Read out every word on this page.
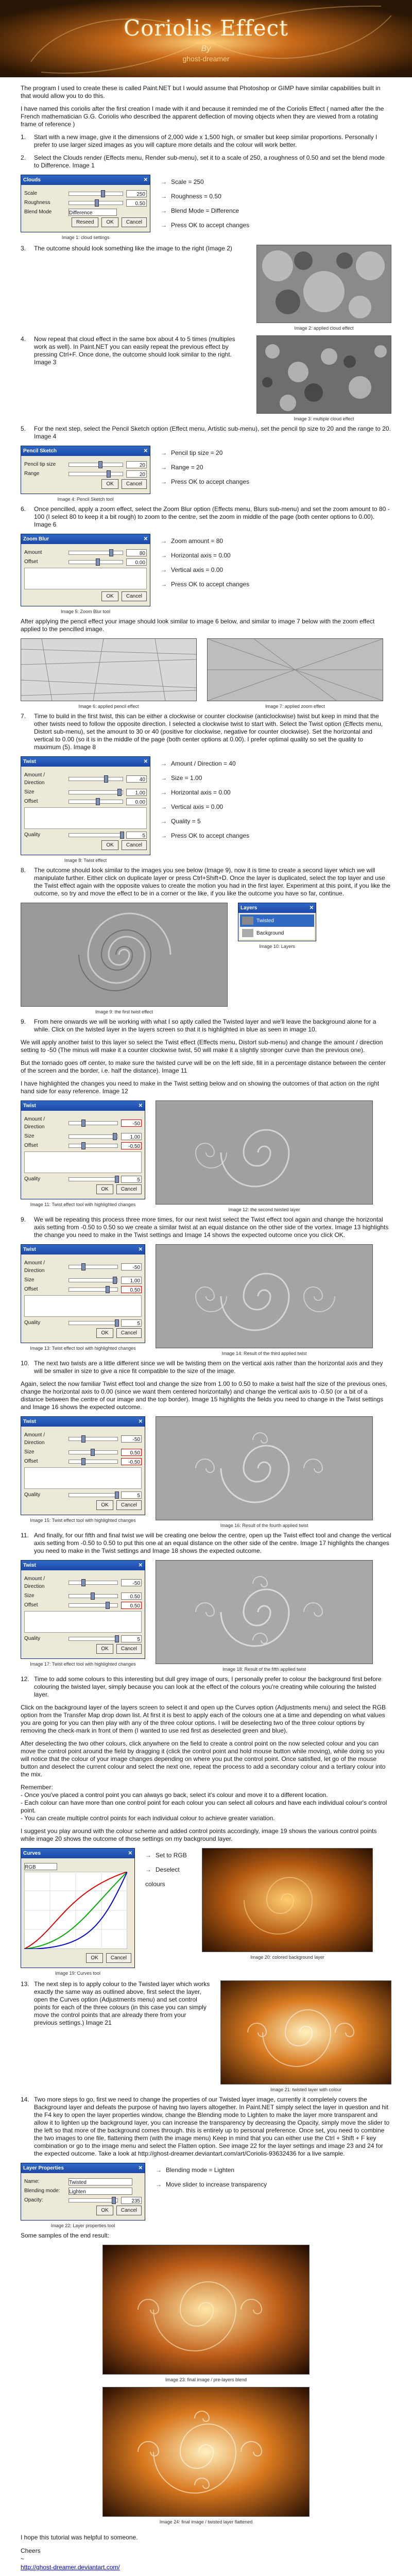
Coriolis Effect
By
ghost-dreamer

The program I used to create these is called Paint.NET but I would assume that Photoshop or GIMP have similar capabilities built in that would allow you to do this.

I have named this coriolis after the first creation I made with it and because it reminded me of the Coriolis Effect ( named after the the French mathematician G.G. Coriolis who described the apparent deflection of moving objects when they are viewed from a rotating frame of reference )

1.	Start with a new image, give it the dimensions of 2,000 wide x 1,500 high, or smaller but keep similar proportions. Personally I prefer to use larger sized images as you will capture more details and the colour will work better.
2.	Select the Clouds render (Effects menu, Render sub-menu), set it to a scale of 250, a roughness of 0.50 and set the blend mode to Difference. Image 1
Clouds	✕
Scale	250
Roughness	0.50
Blend Mode	Difference
Reseed	OK	Cancel
Image 1: cloud settings
→ Scale = 250
→ Roughness = 0.50
→ Blend Mode = Difference
→ Press OK to accept changes
3.	The outcome should look something like the image to the right (Image 2)
Image 2: applied cloud effect
4.	Now repeat that cloud effect in the same box about 4 to 5 times (multiples work as well). In Paint.NET you can easily repeat the previous effect by pressing Ctrl+F. Once done, the outcome should look similar to the right. Image 3
Image 3: multiple cloud effect
5.	For the next step, select the Pencil Sketch option (Effect menu, Artistic sub-menu), set the pencil tip size to 20 and the range to 20. Image 4
Pencil Sketch	✕
Pencil tip size	20
Range	20
OK	Cancel
Image 4: Pencil Sketch tool
→ Pencil tip size = 20
→ Range = 20
→ Press OK to accept changes
6.	Once pencilled, apply a zoom effect, select the Zoom Blur option (Effects menu, Blurs sub-menu) and set the zoom amount to 80 - 100 (I select 80 to keep it a bit rough) to zoom to the centre, set the zoom in middle of the page (both center options to 0.00). Image 6
Zoom Blur	✕
Amount	80
Offset	0.00
OK	Cancel
Image 5: Zoom Blur tool
→ Zoom amount = 80
→ Horizontal axis = 0.00
→ Vertical axis = 0.00
→ Press OK to accept changes

After applying the pencil effect your image should look similar to image 6 below, and similar to image 7 below with the zoom effect applied to the pencilled image.

Image 6: applied pencil effect	Image 7: applied zoom effect
7.	Time to build in the first twist, this can be either a clockwise or counter clockwise (anticlockwise) twist but keep in mind that the other twists need to follow the opposite direction. I selected a clockwise twist to start with. Select the Twist option (Effects menu, Distort sub-menu), set the amount to 30 or 40 (positive for clockwise, negative for counter clockwise). Set the horizontal and vertical to 0.00 (so it is in the middle of the page (both center options at 0.00). I prefer optimal quality so set the quality to maximum (5). Image 8
Twist	✕
Amount / Direction
40
Size	1.00
Offset	0.00
Quality	5
OK	Cancel
Image 8: Twist effect
→ Amount / Direction = 40
→ Size = 1.00
→ Horizontal axis = 0.00
→ Vertical axis = 0.00
→ Quality = 5
→ Press OK to accept changes
8.	The outcome should look similar to the images you see below (Image 9), now it is time to create a second layer which we will manipulate further. Either click on duplicate layer or press Ctrl+Shift+D. Once the layer is duplicated, select the top layer and use the Twist effect again with the opposite values to create the motion you had in the first layer. Experiment at this point, if you like the outcome, so try and move the effect to be in a corner or the like, if you like the outcome you have so far, continue.
Image 9: the first twist effect
Layers	✕
Twisted
Background
Image 10: Layers
9.	From here onwards we will be working with what I so aptly called the Twisted layer and we'll leave the background alone for a while. Click on the twisted layer in the layers screen so that it is highlighted in blue as seen in image 10.

We will apply another twist to this layer so select the Twist effect (Effects menu, Distort sub-menu) and change the amount / direction setting to -50 (The minus will make it a counter clockwise twist, 50 will make it a slightly stronger curve than the previous one).

But the tornado goes off center, to make sure the twisted curve will be on the left side, fill in a percentage distance between the center of the screen and the border, i.e. half the distance). Image 11

I have highlighted the changes you need to make in the Twist setting below and on showing the outcomes of that action on the right hand side for easy reference. Image 12

Twist	✕
Amount / Direction
-50
Size	1.00
Offset	-0.50
Quality	5
OK	Cancel
Image 11: Twist effect tool with highlighted changes
Image 12: the second twisted layer
9.	We will be repeating this process three more times, for our next twist select the Twist effect tool again and change the horizontal axis setting from -0.50 to 0.50 so we create a similar twist at an equal distance on the other side of the vortex. Image 13 highlights the change you need to make in the Twist settings and Image 14 shows the expected outcome once you click OK.
Twist	✕
Amount / Direction
-50
Size	1.00
Offset	0.50
Quality	5
OK	Cancel
Image 13: Twist effect tool with highlighted changes
Image 14: Result of the third applied twist
10. The next two twists are a little different since we will be twisting them on the vertical axis rather than the horizontal axis and they will be smaller in size to give a nice fit compatible to the size of the image.

Again, select the now familiar Twist effect tool and change the size from 1.00 to 0.50 to make a twist half the size of the previous ones, change the horizontal axis to 0.00 (since we want them centered horizontally) and change the vertical axis to -0.50 (or a bit of a distance between the centre of our image and the top border). Image 15 highlights the fields you need to change in the Twist settings and Image 16 shows the expected outcome.

Twist	✕
Amount / Direction
-50
Size	0.50
Offset	-0.50
Quality	5
OK	Cancel
Image 15: Twist effect tool with highlighted changes
Image 16: Result of the fourth applied twist
11. And finally, for our fifth and final twist we will be creating one below the centre, open up the Twist effect tool and change the vertical axis setting from -0.50 to 0.50 to put this one at an equal distance on the other side of the centre. Image 17 highlights the changes you need to make in the Twist settings and Image 18 shows the expected outcome.
Twist	✕
Amount / Direction
-50
Size	0.50
Offset	0.50
Quality	5
OK	Cancel
Image 17: Twist effect tool with highlighted changes
Image 18: Result of the fifth applied twist
12. Time to add some colours to this interesting but dull grey image of ours, I personally prefer to colour the background first before colouring the twisted layer, simply because you can look at the effect of the colours you're creating while colouring the twisted layer.

Click on the background layer of the layers screen to select it and open up the Curves option (Adjustments menu) and select the RGB option from the Transfer Map drop down list. At first it is best to apply each of the colours one at a time and depending on what values you are going for you can then play with any of the three colour options. I will be deselecting two of the three colour options by removing the check-mark in front of them (I wanted to use red first as deselected green and blue).

After deselecting the two other colours, click anywhere on the field to create a control point on the now selected colour and you can move the control point around the field by dragging it (click the control point and hold mouse button while moving), while doing so you will notice that the colour of your image changes depending on where you put the control point. Once satisfied, let go of the mouse button and deselect the current colour and select the next one, repeat the process to add a secondary colour and a tertiary colour into the mix.

Remember:

- Once you've placed a control point you can always go back, select it's colour and move it to a different location.

- Each colour can have more than one control point for each colour you can select all colours and have each individual colour's control point.

- You can create multiple control points for each individual colour to achieve greater variation.

I suggest you play around with the colour scheme and added control points accordingly, image 19 shows the various control points while image 20 shows the outcome of those settings on my background layer.

Curves	✕
RGB
OK	Cancel
Image 19: Curves tool
→ Set to RGB
→ Deselect colours
Image 20: colored background layer
13. The next step is to apply colour to the Twisted layer which works exactly the same way as outlined above, first select the layer, open the Curves option (Adjustments menu) and set control points for each of the three colours (in this case you can simply move the control points that are already there from your previous settings.) Image 21
Image 21: twisted layer with colour
14. Two more steps to go, first we need to change the properties of our Twisted layer image, currently it completely covers the Background layer and defeats the purpose of having two layers altogether. In Paint.NET simply select the layer in question and hit the F4 key to open the layer properties window, change the Blending mode to Lighten to make the layer more transparent and allow it to lighten up the background layer, you can increase the transparency by decreasing the Opacity, simply move the slider to the left so that more of the background comes through. this is entirely up to personal preference. Once set, you need to combine the two images to one file, flattening them (with the image menu) Keep in mind that you can either use the Ctrl + Shift + F key combination or go to the image menu and select the Flatten option. See image 22 for the layer settings and image 23 and 24 for the expected outcome. Take a look at http://ghost-dreamer.deviantart.com/art/Coriolis-93632436 for a live sample.
Layer Properties	✕
Name:	Twisted
Blending mode:	Lighten
Opacity:	235
OK	Cancel
Image 22: Layer properties tool
→ Blending mode = Lighten
→ Move slider to increase transparency

Some samples of the end result:

Image 23: final image / pre-layers blend
Image 24: final image / twisted layer flattened

I hope this tutorial was helpful to someone.

Cheers

~

http://ghost-dreamer.deviantart.com/
